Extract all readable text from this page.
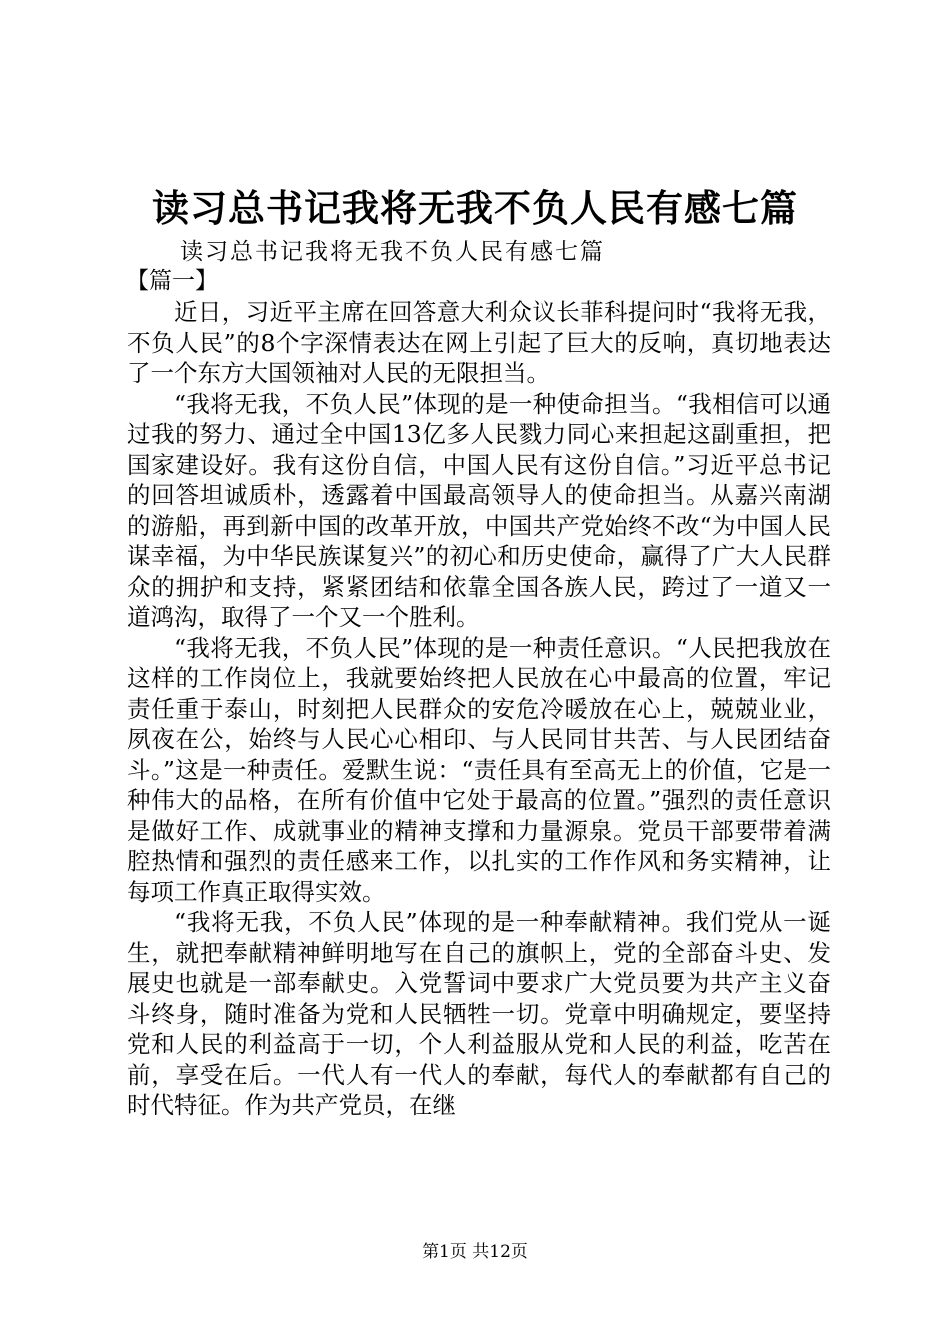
读习总书记我将无我不负人民有感七篇
读习总书记我将无我不负人民有感七篇
【篇一】

近日，习近平主席在回答意大利众议长菲科提问时“我将无我，不负人民”的8个字深情表达在网上引起了巨大的反响，真切地表达了一个东方大国领袖对人民的无限担当。

“我将无我，不负人民”体现的是一种使命担当。“我相信可以通过我的努力、通过全中国13亿多人民戮力同心来担起这副重担，把国家建设好。我有这份自信，中国人民有这份自信。”习近平总书记的回答坦诚质朴，透露着中国最高领导人的使命担当。从嘉兴南湖的游船，再到新中国的改革开放，中国共产党始终不改“为中国人民谋幸福，为中华民族谋复兴”的初心和历史使命，赢得了广大人民群众的拥护和支持，紧紧团结和依靠全国各族人民，跨过了一道又一道鸿沟，取得了一个又一个胜利。

“我将无我，不负人民”体现的是一种责任意识。“人民把我放在这样的工作岗位上，我就要始终把人民放在心中最高的位置，牢记责任重于泰山，时刻把人民群众的安危冷暖放在心上，兢兢业业，夙夜在公，始终与人民心心相印、与人民同甘共苦、与人民团结奋斗。”这是一种责任。爱默生说：“责任具有至高无上的价值，它是一种伟大的品格，在所有价值中它处于最高的位置。”强烈的责任意识是做好工作、成就事业的精神支撑和力量源泉。党员干部要带着满腔热情和强烈的责任感来工作，以扎实的工作作风和务实精神，让每项工作真正取得实效。

“我将无我，不负人民”体现的是一种奉献精神。我们党从一诞生，就把奉献精神鲜明地写在自己的旗帜上，党的全部奋斗史、发展史也就是一部奉献史。入党誓词中要求广大党员要为共产主义奋斗终身，随时准备为党和人民牺牲一切。党章中明确规定，要坚持党和人民的利益高于一切，个人利益服从党和人民的利益，吃苦在前，享受在后。一代人有一代人的奉献，每代人的奉献都有自己的时代特征。作为共产党员，在继

第1页 共12页
